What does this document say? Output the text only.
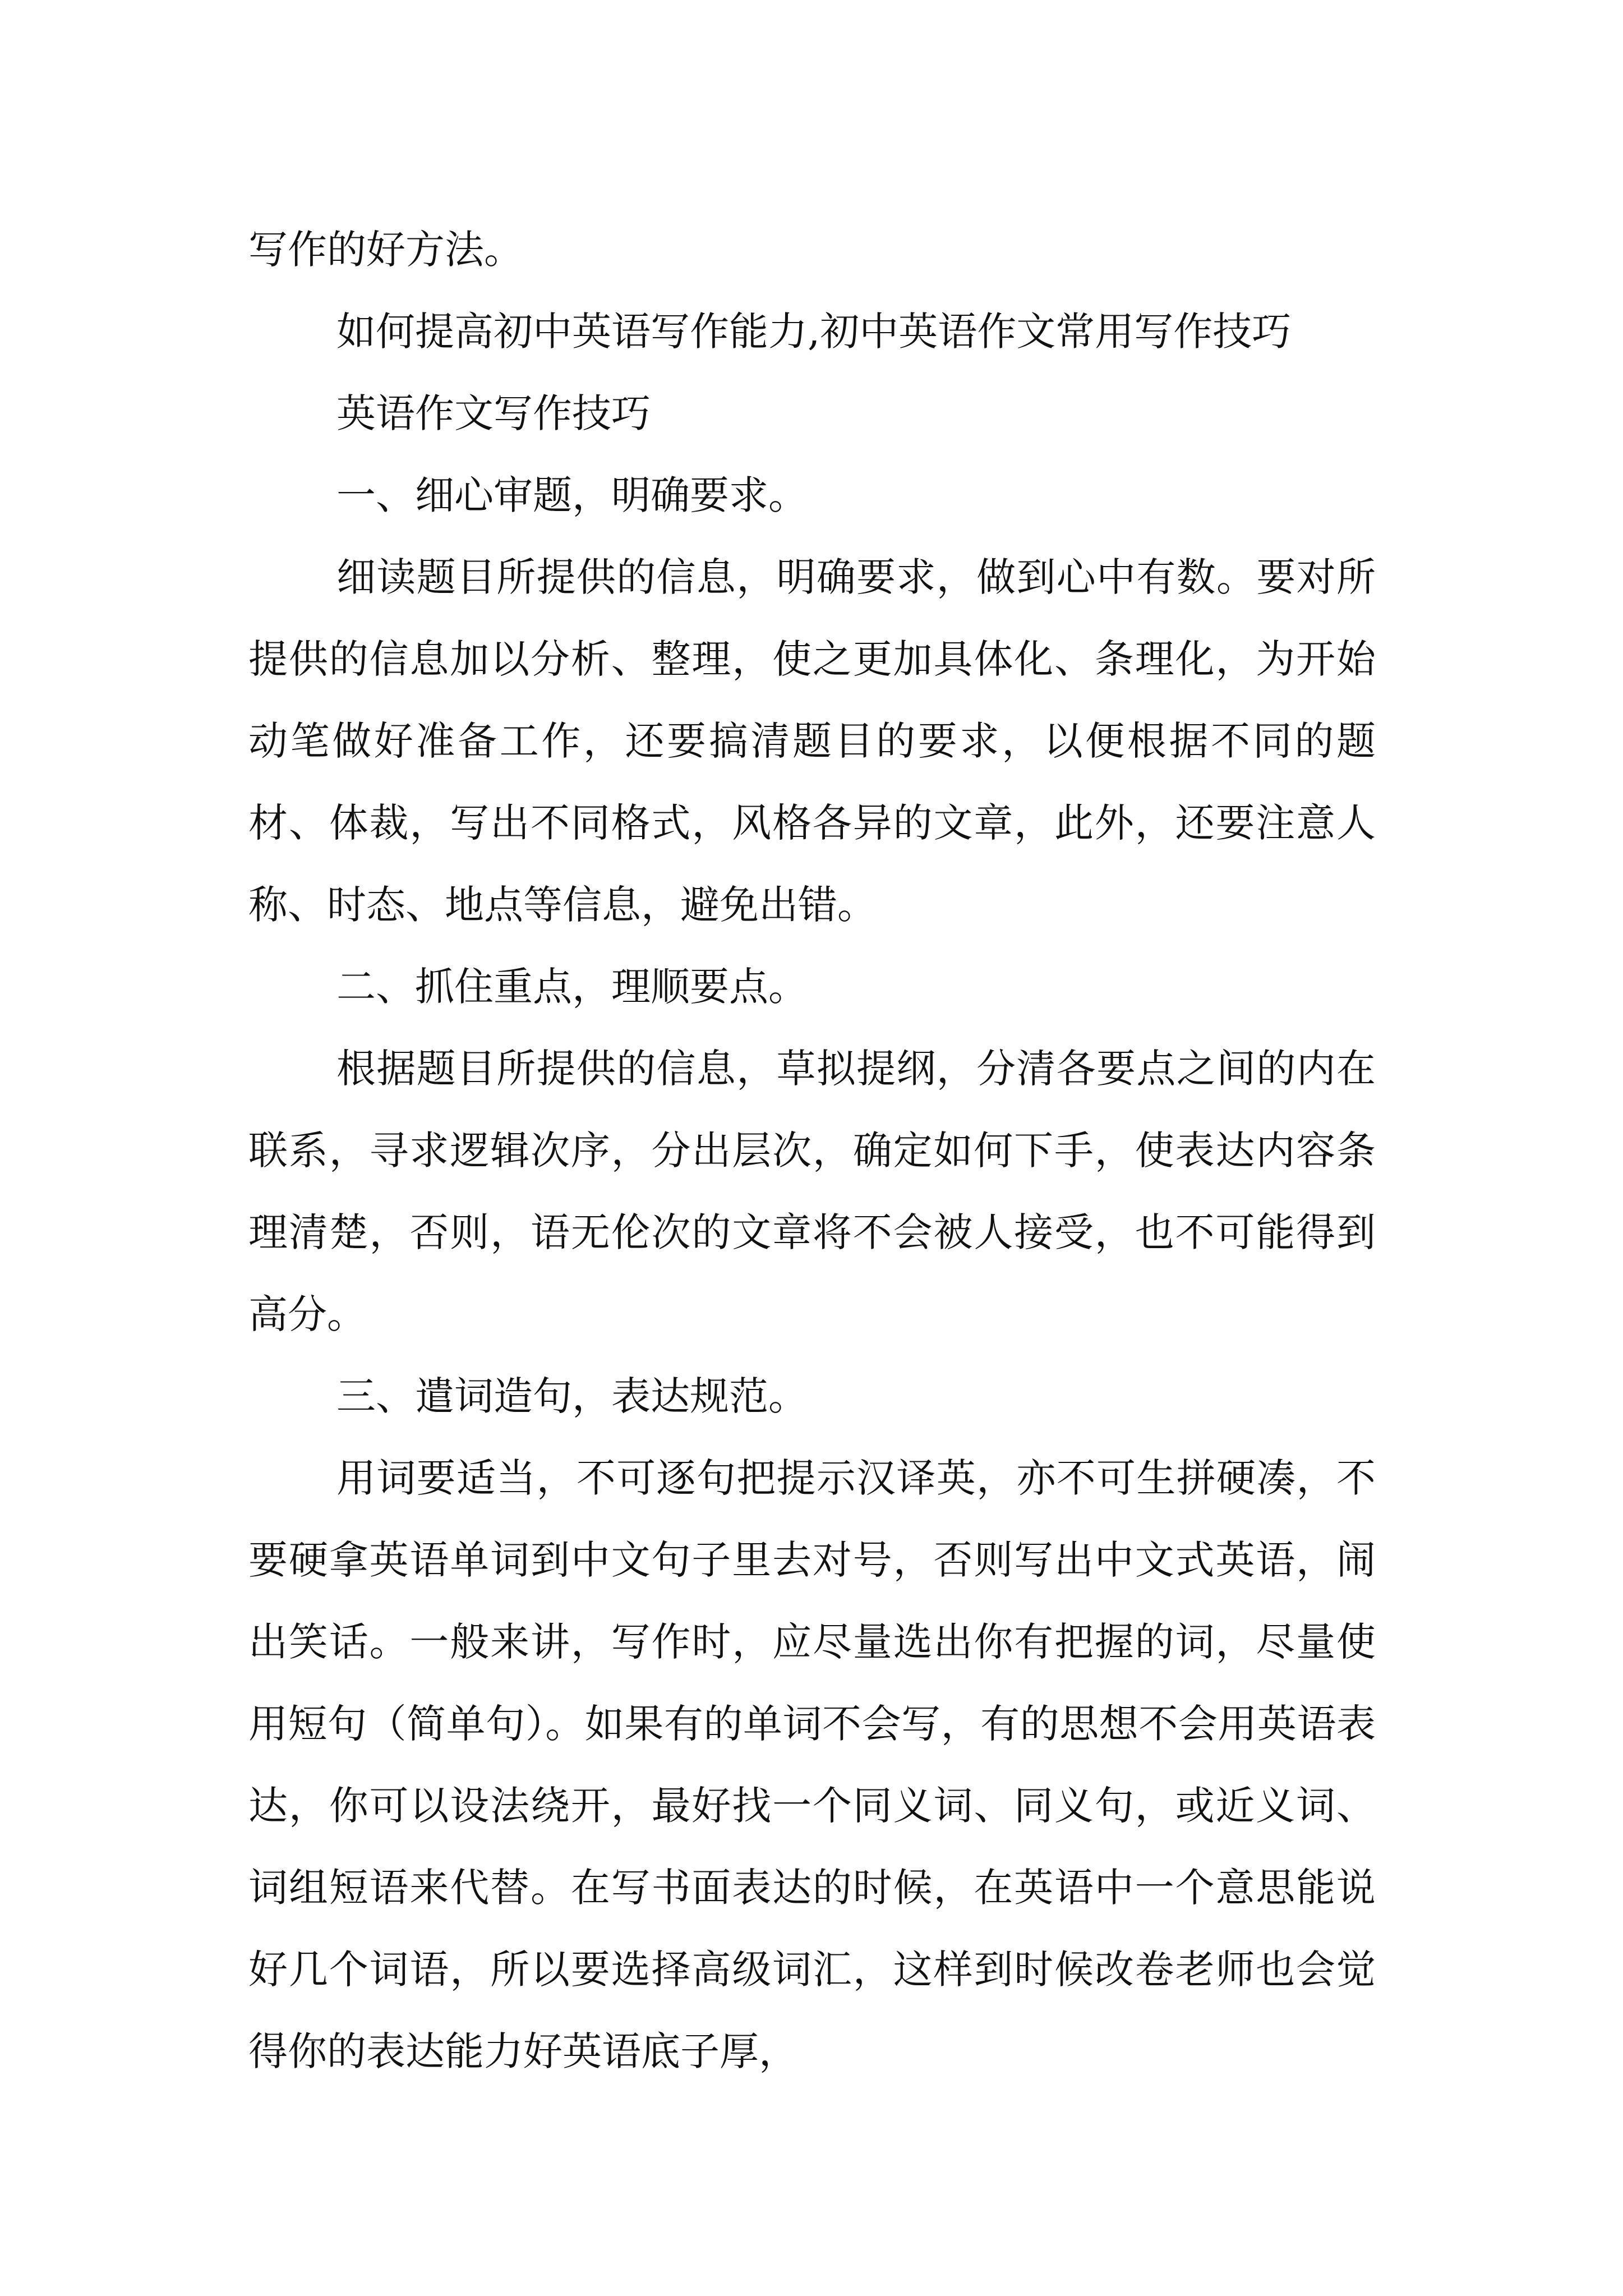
写作的好方法。

如何提高初中英语写作能力,初中英语作文常用写作技巧

英语作文写作技巧

一、细心审题，明确要求。

细读题目所提供的信息，明确要求，做到心中有数。要对所提供的信息加以分析、整理，使之更加具体化、条理化，为开始动笔做好准备工作，还要搞清题目的要求，以便根据不同的题材、体裁，写出不同格式，风格各异的文章，此外，还要注意人称、时态、地点等信息，避免出错。

二、抓住重点，理顺要点。

根据题目所提供的信息，草拟提纲，分清各要点之间的内在联系，寻求逻辑次序，分出层次，确定如何下手，使表达内容条理清楚，否则，语无伦次的文章将不会被人接受，也不可能得到高分。

三、遣词造句，表达规范。

用词要适当，不可逐句把提示汉译英，亦不可生拼硬凑，不要硬拿英语单词到中文句子里去对号，否则写出中文式英语，闹出笑话。一般来讲，写作时，应尽量选出你有把握的词，尽量使用短句（简单句）。如果有的单词不会写，有的思想不会用英语表达，你可以设法绕开，最好找一个同义词、同义句，或近义词、词组短语来代替。在写书面表达的时候，在英语中一个意思能说好几个词语，所以要选择高级词汇，这样到时候改卷老师也会觉得你的表达能力好英语底子厚，
